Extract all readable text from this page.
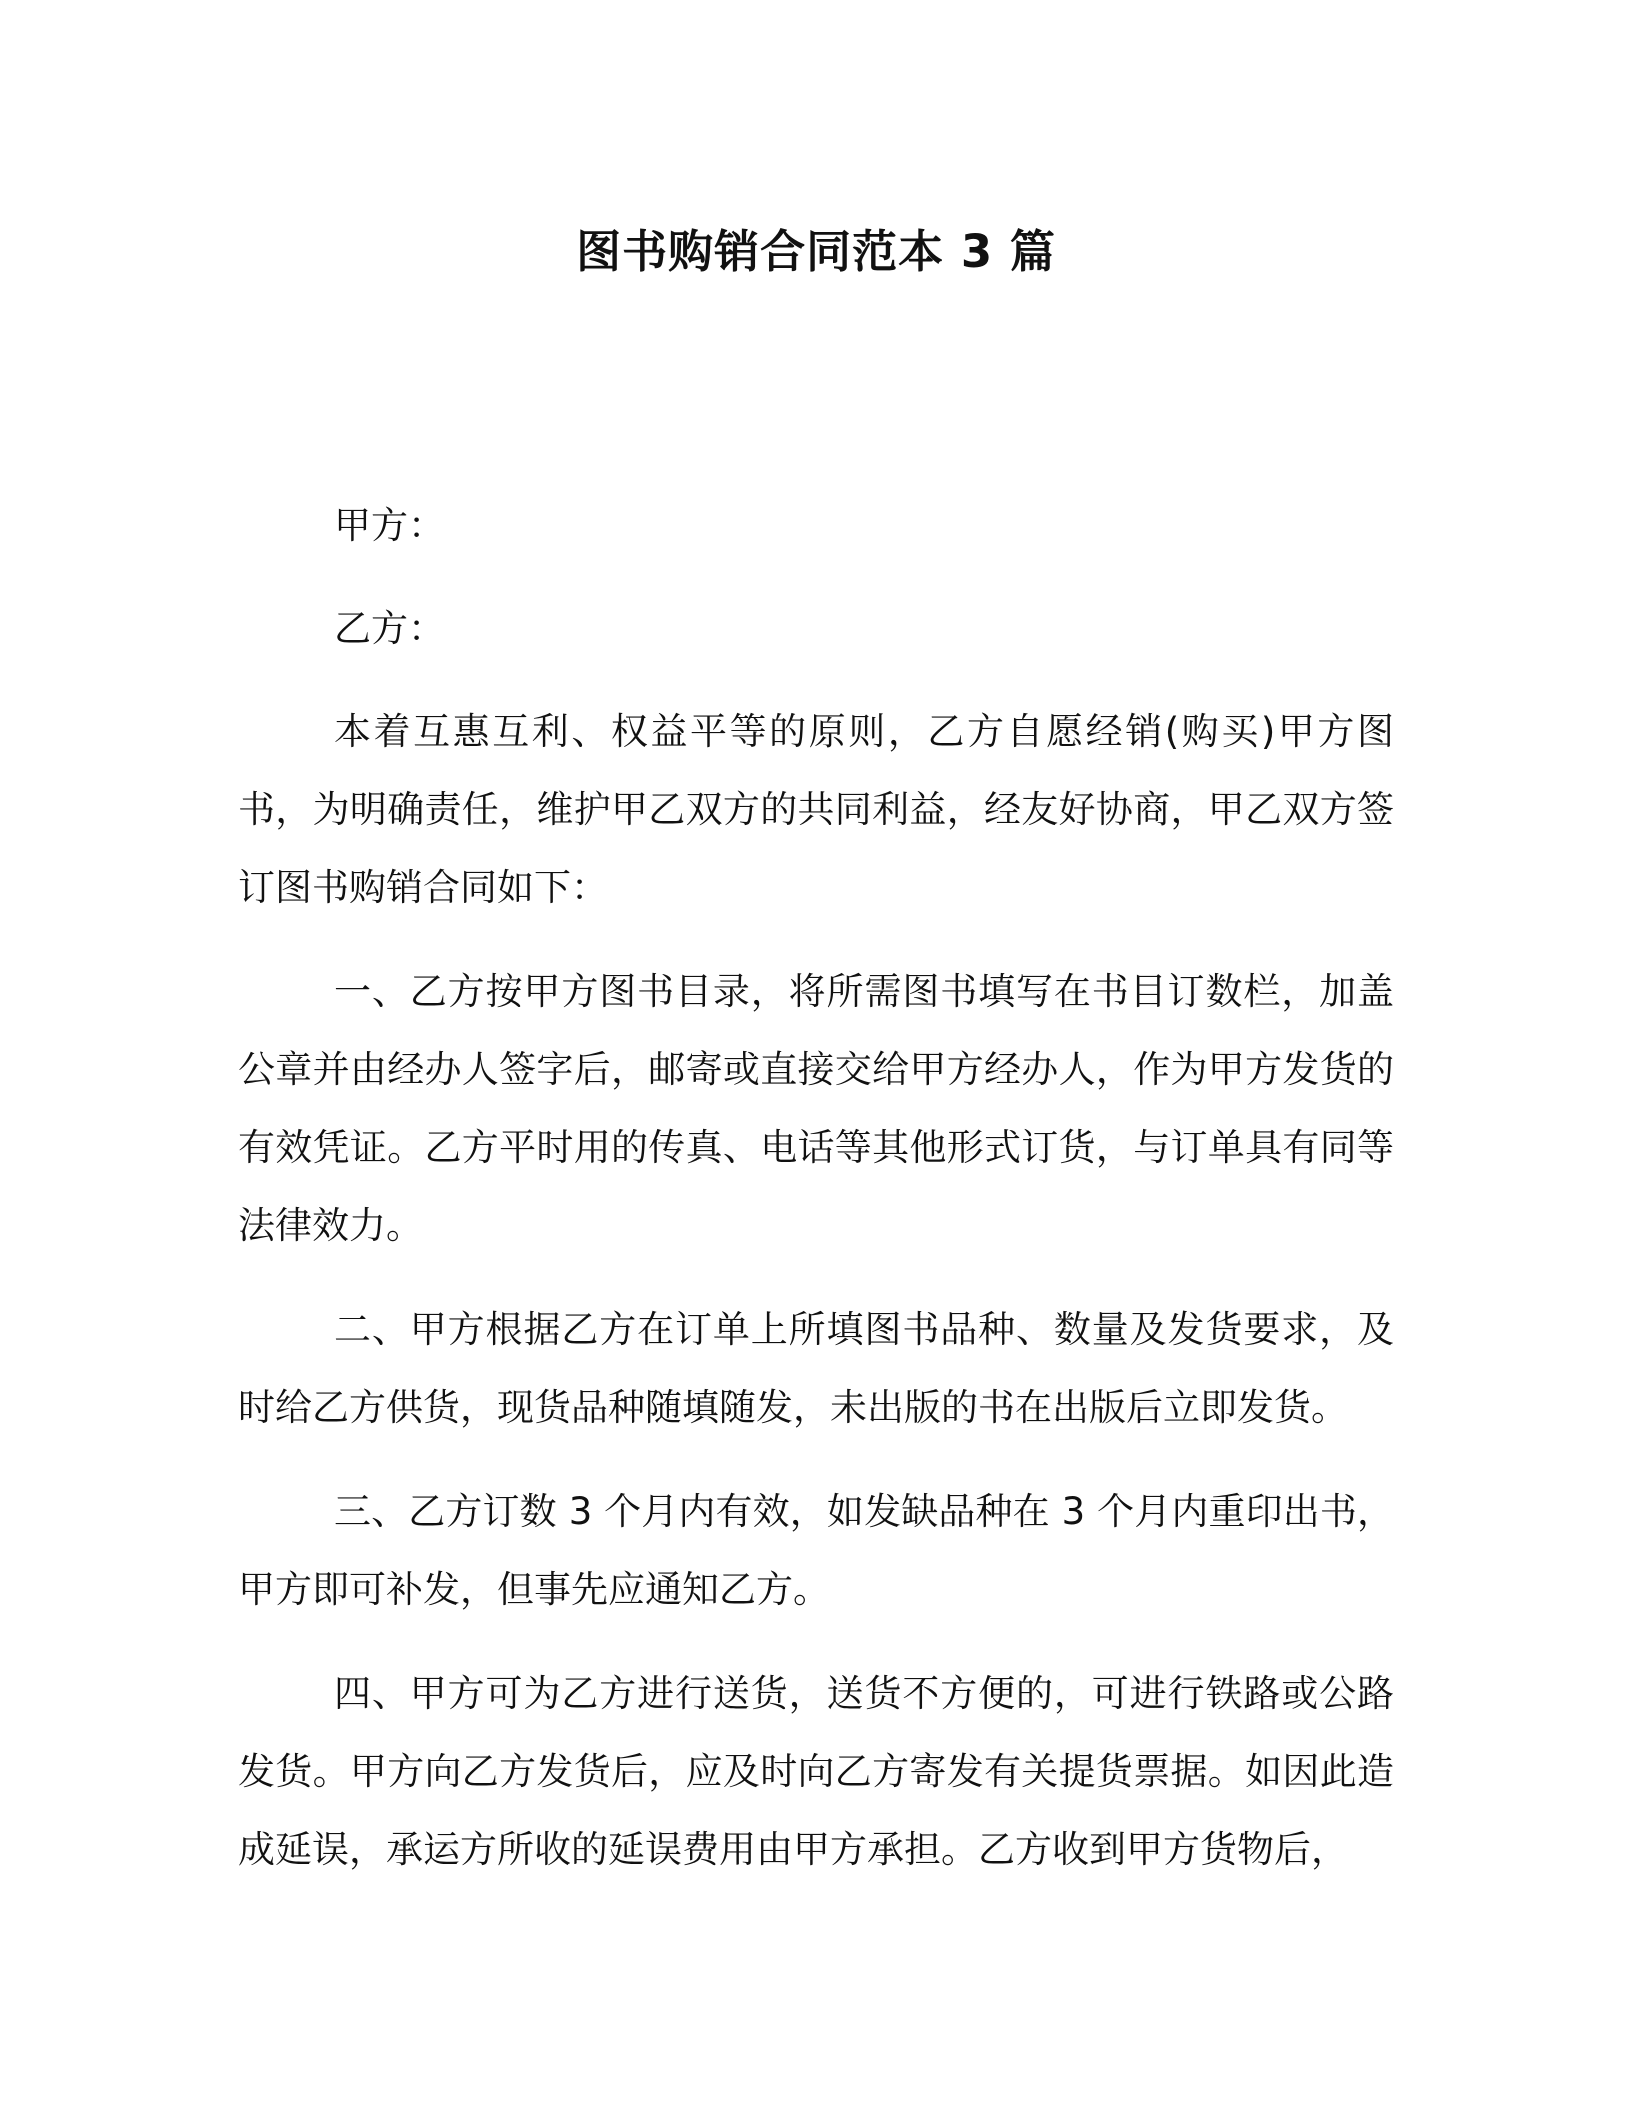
图书购销合同范本 3 篇

甲方：

乙方：

本着互惠互利、权益平等的原则，乙方自愿经销(购买)甲方图书，为明确责任，维护甲乙双方的共同利益，经友好协商，甲乙双方签订图书购销合同如下：

一、乙方按甲方图书目录，将所需图书填写在书目订数栏，加盖公章并由经办人签字后，邮寄或直接交给甲方经办人，作为甲方发货的有效凭证。乙方平时用的传真、电话等其他形式订货，与订单具有同等法律效力。

二、甲方根据乙方在订单上所填图书品种、数量及发货要求，及时给乙方供货，现货品种随填随发，未出版的书在出版后立即发货。

三、乙方订数 3 个月内有效，如发缺品种在 3 个月内重印出书，甲方即可补发，但事先应通知乙方。

四、甲方可为乙方进行送货，送货不方便的，可进行铁路或公路发货。甲方向乙方发货后，应及时向乙方寄发有关提货票据。如因此造成延误，承运方所收的延误费用由甲方承担。乙方收到甲方货物后，
